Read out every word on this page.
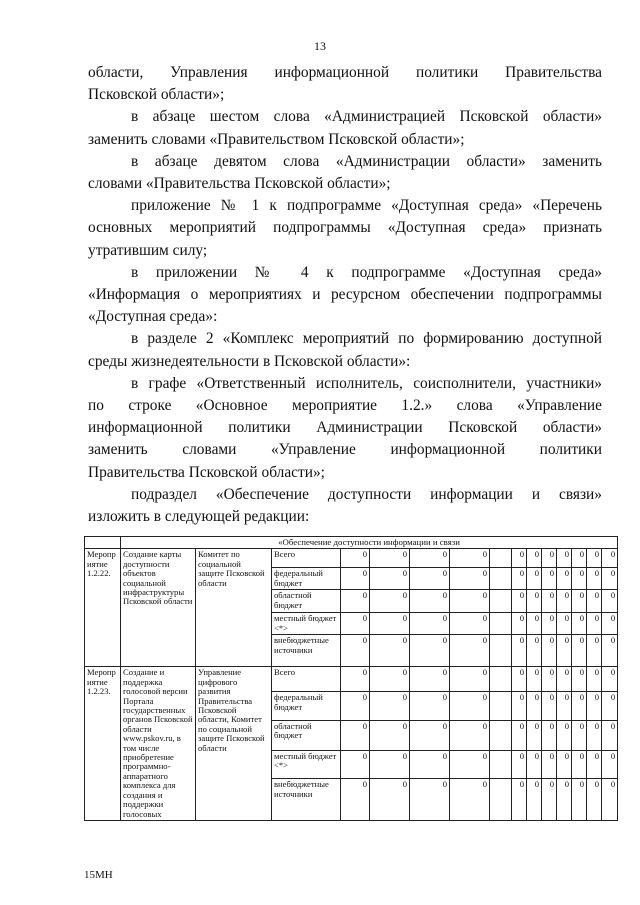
13

области, Управления информационной политики Правительства

Псковской области»;

в абзаце шестом слова «Администрацией Псковской области»

заменить словами «Правительством Псковской области»;

в абзаце девятом слова «Администрации области» заменить

словами «Правительства Псковской области»;

приложение № 1 к подпрограмме «Доступная среда» «Перечень

основных мероприятий подпрограммы «Доступная среда» признать

утратившим силу;

в приложении № 4 к подпрограмме «Доступная среда»

«Информация о мероприятиях и ресурсном обеспечении подпрограммы

«Доступная среда»:

в разделе 2 «Комплекс мероприятий по формированию доступной

среды жизнедеятельности в Псковской области»:

в графе «Ответственный исполнитель, соисполнители, участники»

по строке «Основное мероприятие 1.2.» слова «Управление

информационной политики Администрации Псковской области»

заменить словами «Управление информационной политики

Правительства Псковской области»;

подраздел «Обеспечение доступности информации и связи»

изложить в следующей редакции:

	«Обеспечение доступности информации и связи														
Мероприятие 1.2.22.	Создание карты доступности объектов социальной инфраструктуры Псковской области	Комитет по социальной защите Псковской области	Всего	0	0	0	0		0	0	0	0	0	0	0
			федеральный бюджет	0	0	0	0		0	0	0	0	0	0	0
			областной бюджет	0	0	0	0		0	0	0	0	0	0	0
			местный бюджет <*>	0	0	0	0		0	0	0	0	0	0	0
			внебюджетные источники	0	0	0	0		0	0	0	0	0	0	0
Мероприятие 1.2.23.	Создание и поддержка голосовой версии Портала государственных органов Псковской области www.pskov.ru, в том числе приобретение программно-аппаратного комплекса для создания и поддержки голосовых	Управление цифрового развития Правительства Псковской области, Комитет по социальной защите Псковской области	Всего	0	0	0	0		0	0	0	0	0	0	0
			федеральный бюджет	0	0	0	0		0	0	0	0	0	0	0
			областной бюджет	0	0	0	0		0	0	0	0	0	0	0
			местный бюджет <*>	0	0	0	0		0	0	0	0	0	0	0
			внебюджетные источники	0	0	0	0		0	0	0	0	0	0	0
15МН
